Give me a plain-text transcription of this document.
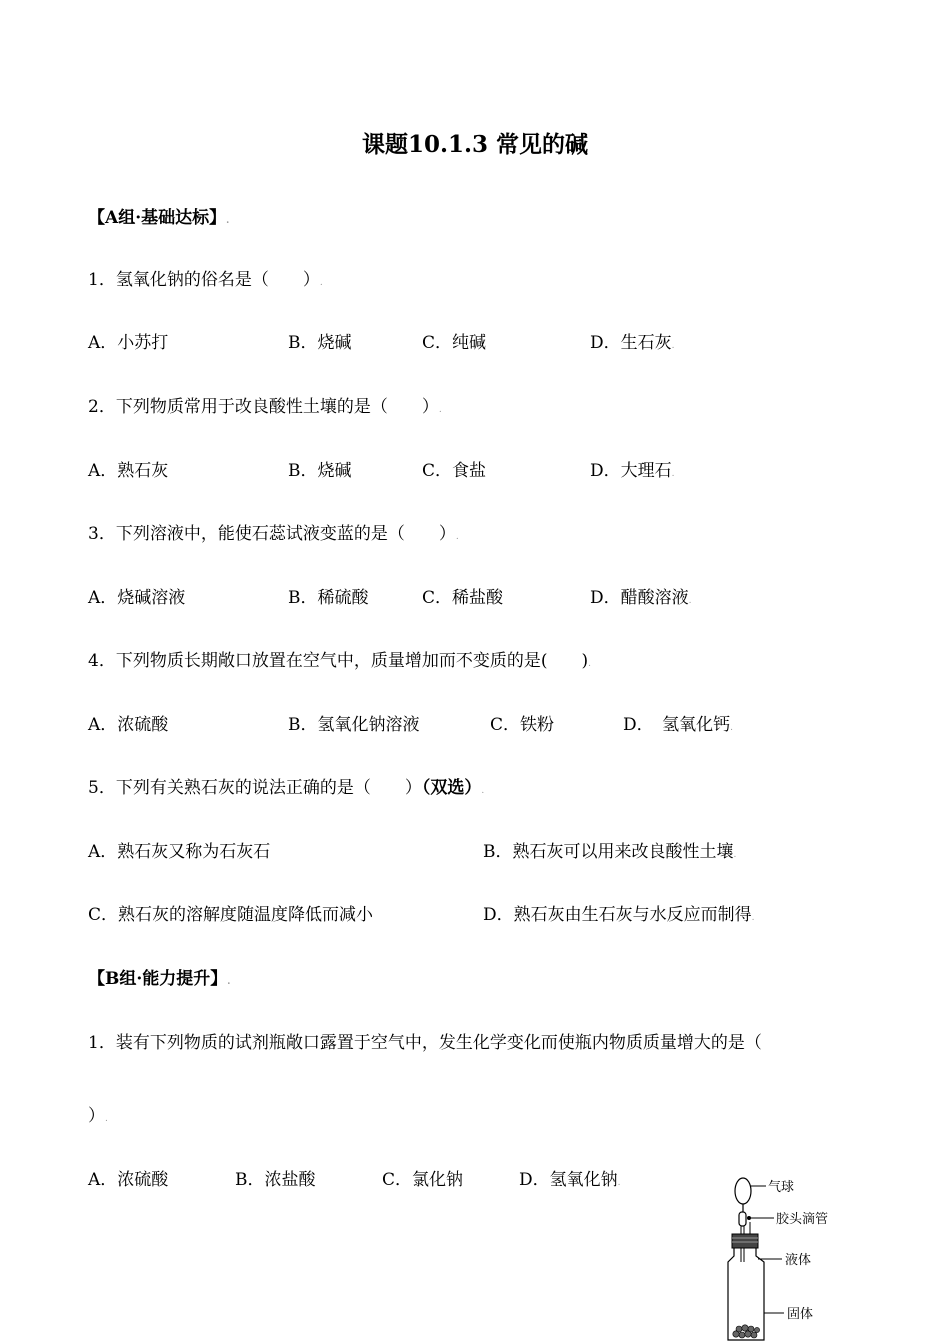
课题10.1.3 常见的碱
【A组·基础达标】.
1．氢氧化钠的俗名是（　　）.
A．小苏打	B．烧碱	C．纯碱	D．生石灰.
2．下列物质常用于改良酸性土壤的是（　　）.
A．熟石灰	B．烧碱	C．食盐	D．大理石.
3．下列溶液中，能使石蕊试液变蓝的是（　　）.
A．烧碱溶液	B．稀硫酸	C．稀盐酸	D．醋酸溶液.
4．下列物质长期敞口放置在空气中，质量增加而不变质的是(　　).
A．浓硫酸	B．氢氧化钠溶液	C．铁粉	D．　氢氧化钙.
5．下列有关熟石灰的说法正确的是（　　）（双选）.
A．熟石灰又称为石灰石	B．熟石灰可以用来改良酸性土壤.
C．熟石灰的溶解度随温度降低而减小	D．熟石灰由生石灰与水反应而制得.
【B组·能力提升】.
1．装有下列物质的试剂瓶敞口露置于空气中，发生化学变化而使瓶内物质质量增大的是（
）.
A．浓硫酸	B．浓盐酸	C．氯化钠	D．氢氧化钠.	气球
胶头滴管
液体
固体
